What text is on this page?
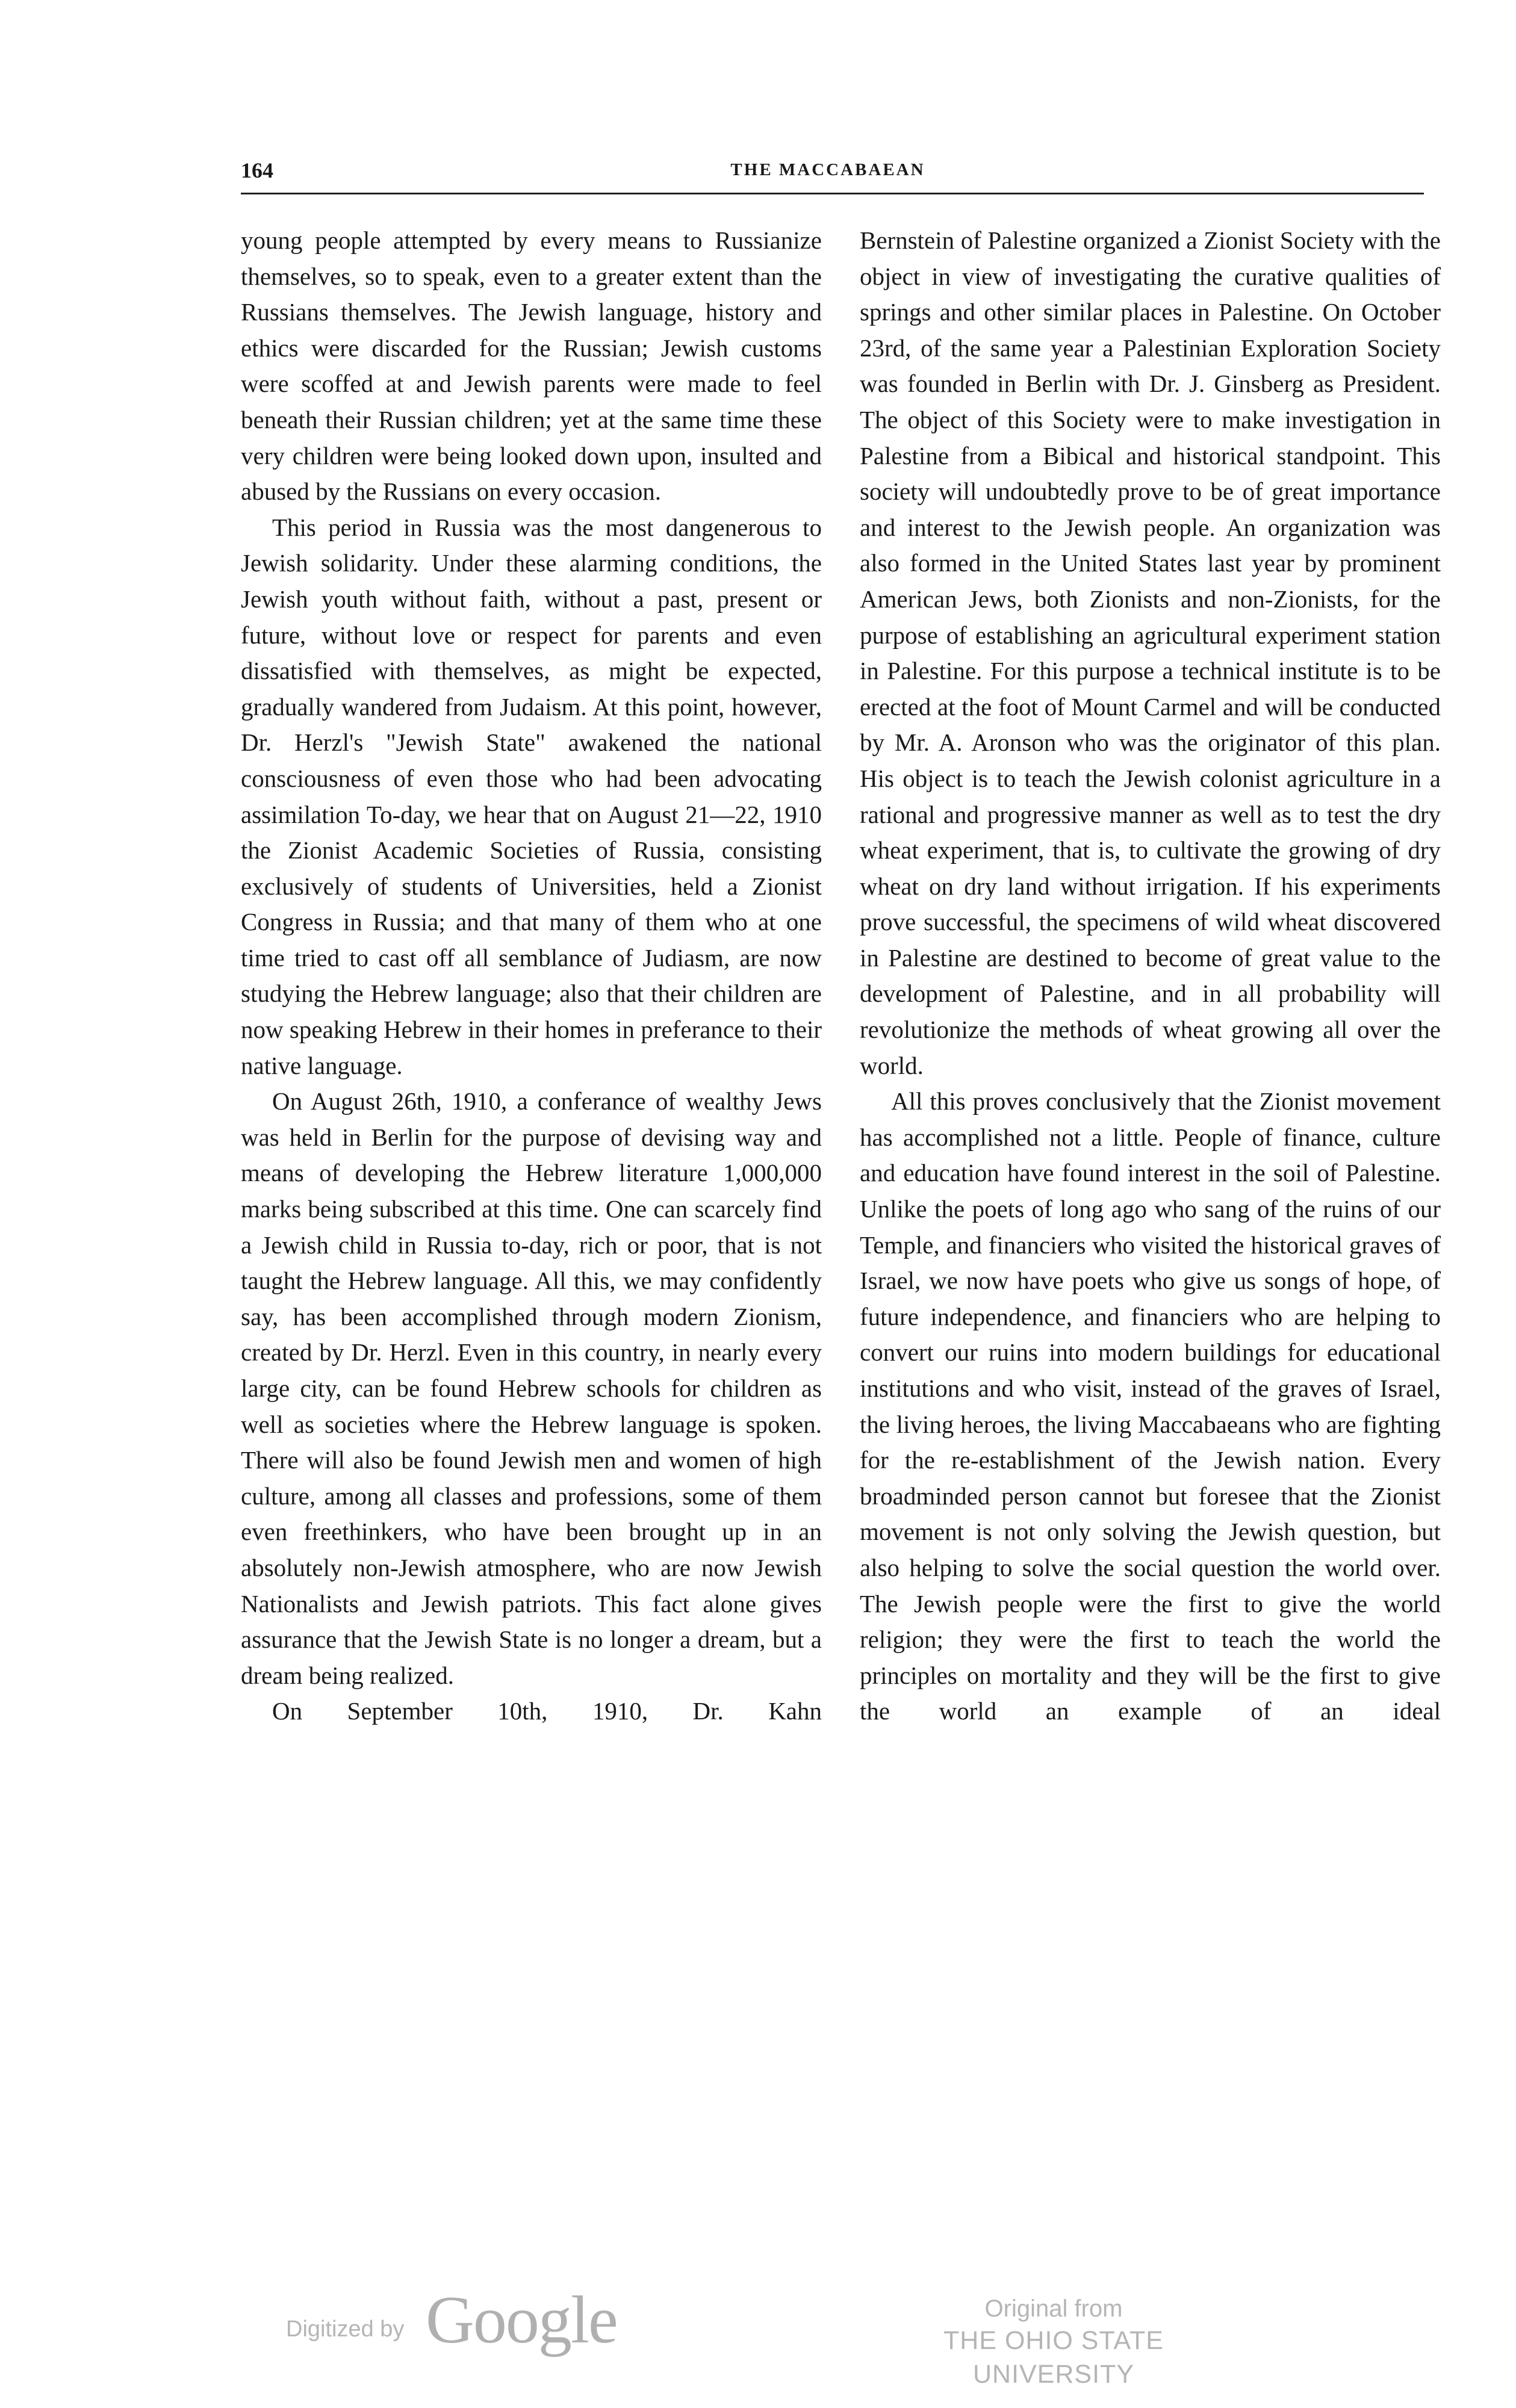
164	THE MACCABAEAN

young people attempted by every means to Russianize themselves, so to speak, even to a greater extent than the Russians themselves. The Jewish language, history and ethics were discarded for the Russian; Jewish customs were scoffed at and Jewish parents were made to feel beneath their Russian children; yet at the same time these very children were being looked down upon, insulted and abused by the Russians on every occasion.

This period in Russia was the most dangenerous to Jewish solidarity. Under these alarming conditions, the Jewish youth without faith, without a past, present or future, without love or respect for parents and even dissatisfied with themselves, as might be expected, gradually wandered from Judaism. At this point, however, Dr. Herzl's "Jewish State" awakened the national consciousness of even those who had been advocating assimilation To-day, we hear that on August 21—22, 1910 the Zionist Academic Societies of Russia, consisting exclusively of students of Universities, held a Zionist Congress in Russia; and that many of them who at one time tried to cast off all semblance of Judiasm, are now studying the Hebrew language; also that their children are now speaking Hebrew in their homes in preferance to their native language.

On August 26th, 1910, a conferance of wealthy Jews was held in Berlin for the purpose of devising way and means of developing the Hebrew literature 1,000,000 marks being subscribed at this time. One can scarcely find a Jewish child in Russia to-day, rich or poor, that is not taught the Hebrew language. All this, we may confidently say, has been accomplished through modern Zionism, created by Dr. Herzl. Even in this country, in nearly every large city, can be found Hebrew schools for children as well as societies where the Hebrew language is spoken. There will also be found Jewish men and women of high culture, among all classes and professions, some of them even freethinkers, who have been brought up in an absolutely non-Jewish atmosphere, who are now Jewish Nationalists and Jewish patriots. This fact alone gives assurance that the Jewish State is no longer a dream, but a dream being realized.

On September 10th, 1910, Dr. Kahn

Bernstein of Palestine organized a Zionist Society with the object in view of investigating the curative qualities of springs and other similar places in Palestine. On October 23rd, of the same year a Palestinian Exploration Society was founded in Berlin with Dr. J. Ginsberg as President. The object of this Society were to make investigation in Palestine from a Bibical and historical standpoint. This society will undoubtedly prove to be of great importance and interest to the Jewish people. An organization was also formed in the United States last year by prominent American Jews, both Zionists and non-Zionists, for the purpose of establishing an agricultural experiment station in Palestine. For this purpose a technical institute is to be erected at the foot of Mount Carmel and will be conducted by Mr. A. Aronson who was the originator of this plan. His object is to teach the Jewish colonist agriculture in a rational and progressive manner as well as to test the dry wheat experiment, that is, to cultivate the growing of dry wheat on dry land without irrigation. If his experiments prove successful, the specimens of wild wheat discovered in Palestine are destined to become of great value to the development of Palestine, and in all probability will revolutionize the methods of wheat growing all over the world.

All this proves conclusively that the Zionist movement has accomplished not a little. People of finance, culture and education have found interest in the soil of Palestine. Unlike the poets of long ago who sang of the ruins of our Temple, and financiers who visited the historical graves of Israel, we now have poets who give us songs of hope, of future independence, and financiers who are helping to convert our ruins into modern buildings for educational institutions and who visit, instead of the graves of Israel, the living heroes, the living Maccabaeans who are fighting for the re-establishment of the Jewish nation. Every broadminded person cannot but foresee that the Zionist movement is not only solving the Jewish question, but also helping to solve the social question the world over. The Jewish people were the first to give the world religion; they were the first to teach the world the principles on mortality and they will be the first to give the world an example of an ideal

Digitized by Google	Original from
THE OHIO STATE UNIVERSITY
